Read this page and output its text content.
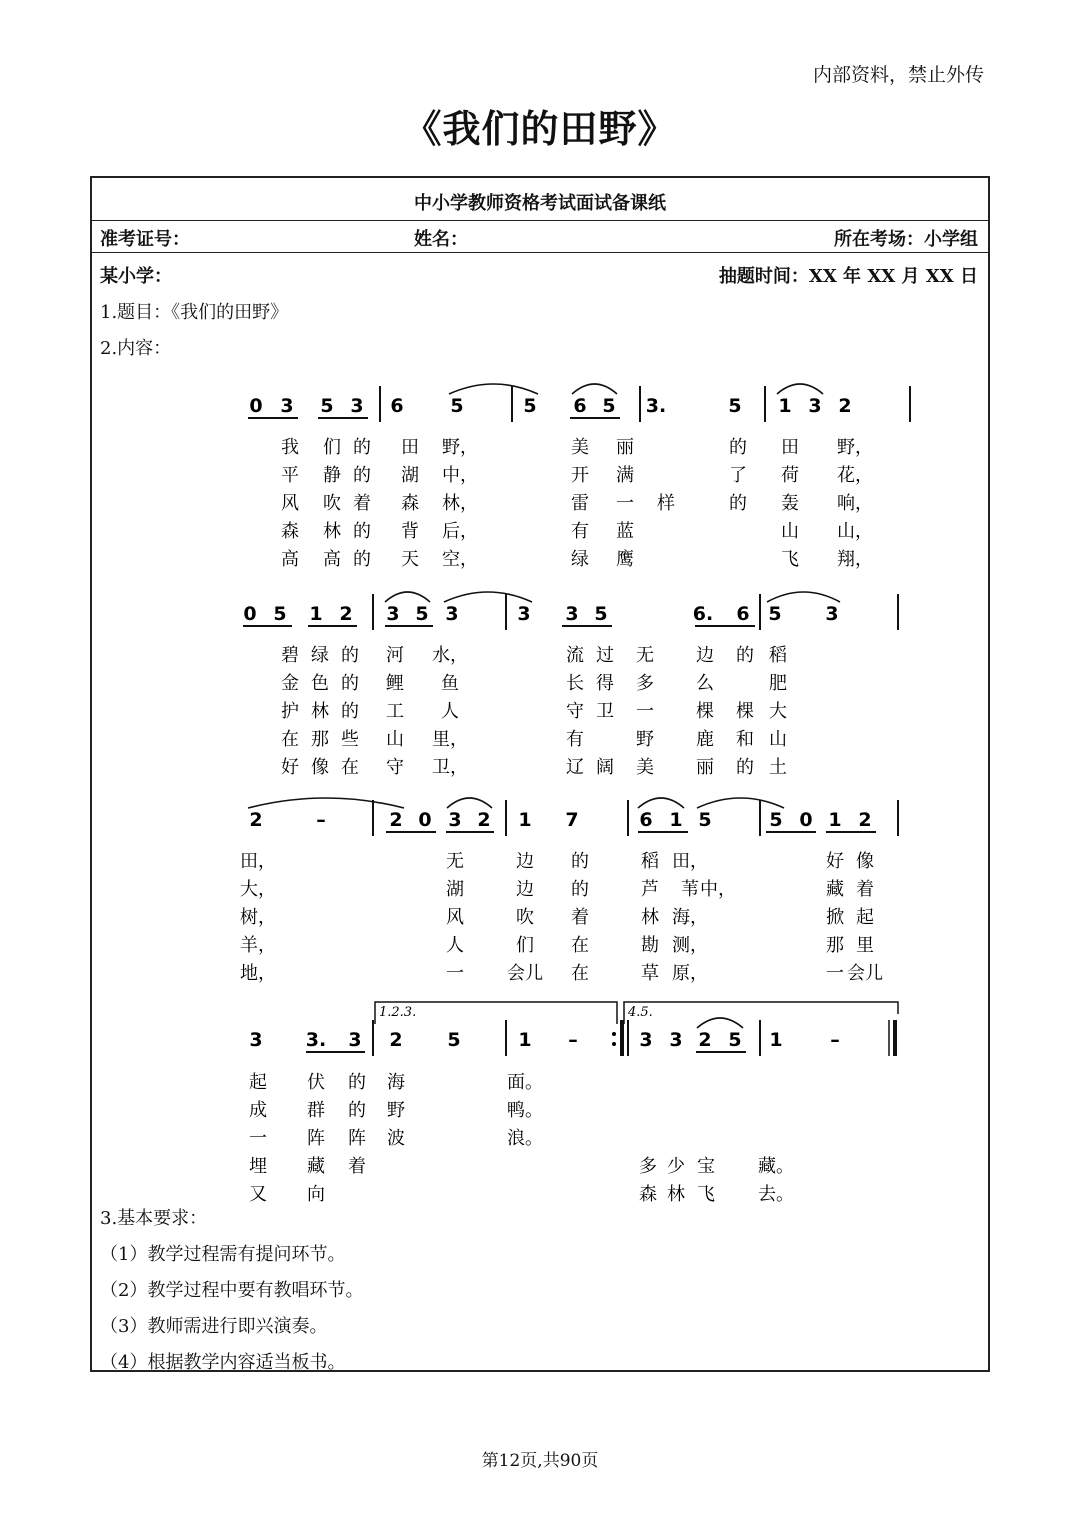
内部资料，禁止外传
《我们的田野》
中小学教师资格考试面试备课纸
准考证号：	姓名：	所在考场：小学组
某小学：	抽题时间：XX 年 XX 月 XX 日
1.题目：《我们的田野》
2.内容：
0 3 5 3 6 5	5 6 5 3.	5 1 3 2
我 们 的 田 野，	美 丽	的 田 野，
平 静 的 湖 中，	开 满	了 荷 花，
风 吹 着 森 林，	雷 一 样	的 轰 响，
森 林 的 背 后，	有 蓝	山 山，
高 高 的 天 空，	绿 鹰	飞 翔，
0 5 1 2 3 5 3	3 3 5	6. 6 5 3
碧 绿 的 河 水，	流 过 无 边 的 稻
金 色 的 鲤 鱼	长 得 多 么	肥
护 林 的 工 人	守 卫 一 棵 棵 大
在 那 些 山 里，	有	野 鹿 和 山
好 像 在 守 卫，	辽 阔 美 丽 的 土
2	–	2 0 3 2 1 7	6 1 5	5 0 1 2
田，	无	边 的	稻 田，	好 像
大，	湖	边 的	芦 苇 中，	藏 着
树，	风	吹 着	林 海，	掀 起
羊，	人	们 在	勘 测，	那 里
地，	一 会儿 在	草 原，	一 会儿
3 3. 3 2 5	1 –	3 3 2 5 1	–
1.2.3.	4.5.
起 伏 的 海	面。
成 群 的 野	鸭。
一 阵 阵 波	浪。
埋 藏 着	多 少 宝 藏。
又 向	森 林 飞 去。
3.基本要求：
（1）教学过程需有提问环节。
（2）教学过程中要有教唱环节。
（3）教师需进行即兴演奏。
（4）根据教学内容适当板书。
第12页,共90页
